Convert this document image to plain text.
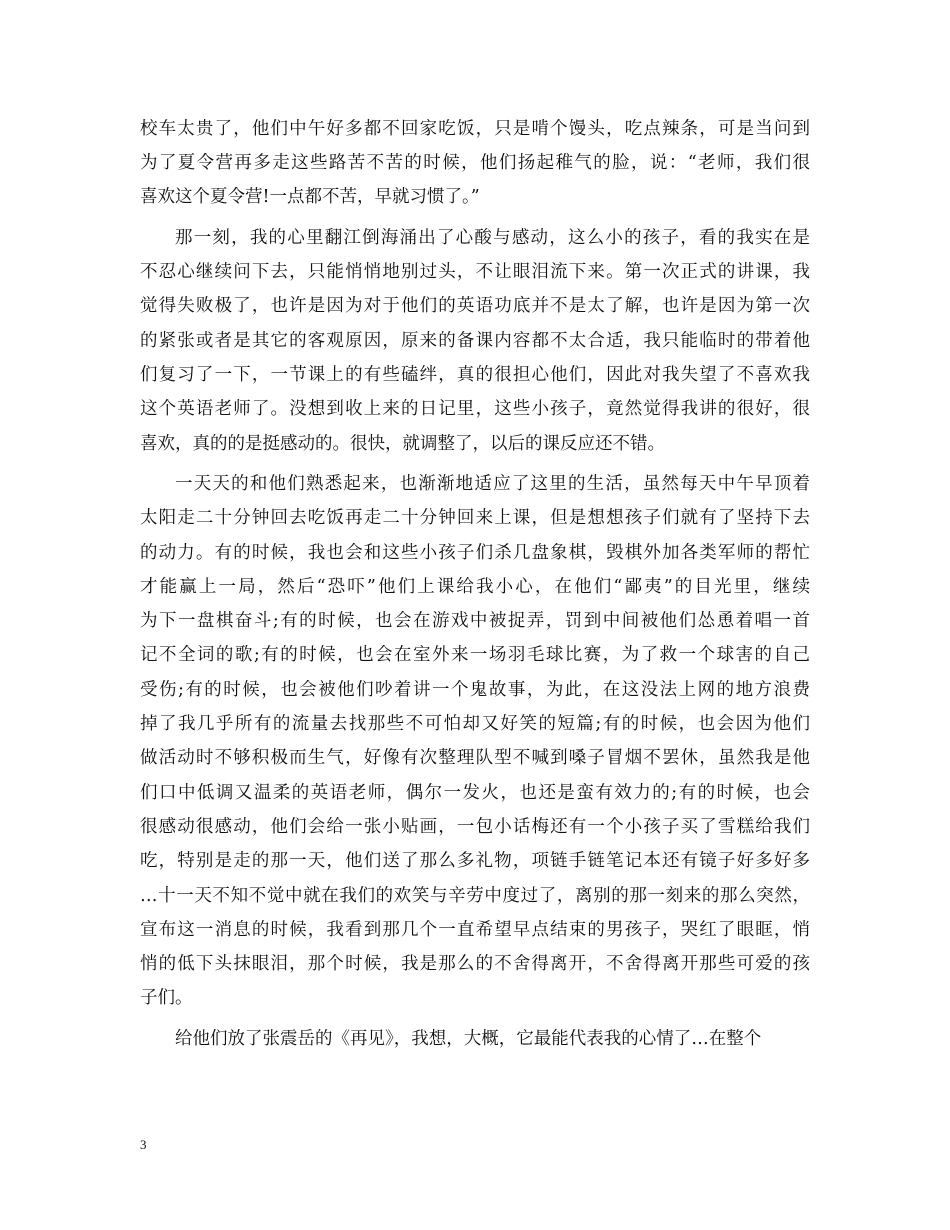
校车太贵了，他们中午好多都不回家吃饭，只是啃个馒头，吃点辣条，可是当问到
为了夏令营再多走这些路苦不苦的时候，他们扬起稚气的脸，说：“老师，我们很
喜欢这个夏令营!一点都不苦，早就习惯了。”
那一刻，我的心里翻江倒海涌出了心酸与感动，这么小的孩子，看的我实在是
不忍心继续问下去，只能悄悄地别过头，不让眼泪流下来。第一次正式的讲课，我
觉得失败极了，也许是因为对于他们的英语功底并不是太了解，也许是因为第一次
的紧张或者是其它的客观原因，原来的备课内容都不太合适，我只能临时的带着他
们复习了一下，一节课上的有些磕绊，真的很担心他们，因此对我失望了不喜欢我
这个英语老师了。没想到收上来的日记里，这些小孩子，竟然觉得我讲的很好，很
喜欢，真的的是挺感动的。很快，就调整了，以后的课反应还不错。
一天天的和他们熟悉起来，也渐渐地适应了这里的生活，虽然每天中午早顶着
太阳走二十分钟回去吃饭再走二十分钟回来上课，但是想想孩子们就有了坚持下去
的动力。有的时候，我也会和这些小孩子们杀几盘象棋，毁棋外加各类军师的帮忙
才能赢上一局，然后“恐吓”他们上课给我小心，在他们“鄙夷”的目光里，继续
为下一盘棋奋斗;有的时候，也会在游戏中被捉弄，罚到中间被他们怂恿着唱一首
记不全词的歌;有的时候，也会在室外来一场羽毛球比赛，为了救一个球害的自己
受伤;有的时候，也会被他们吵着讲一个鬼故事，为此，在这没法上网的地方浪费
掉了我几乎所有的流量去找那些不可怕却又好笑的短篇;有的时候，也会因为他们
做活动时不够积极而生气，好像有次整理队型不喊到嗓子冒烟不罢休，虽然我是他
们口中低调又温柔的英语老师，偶尔一发火，也还是蛮有效力的;有的时候，也会
很感动很感动，他们会给一张小贴画，一包小话梅还有一个小孩子买了雪糕给我们
吃，特别是走的那一天，他们送了那么多礼物，项链手链笔记本还有镜子好多好多
…十一天不知不觉中就在我们的欢笑与辛劳中度过了，离别的那一刻来的那么突然，
宣布这一消息的时候，我看到那几个一直希望早点结束的男孩子，哭红了眼眶，悄
悄的低下头抹眼泪，那个时候，我是那么的不舍得离开，不舍得离开那些可爱的孩
子们。
给他们放了张震岳的《再见》，我想，大概，它最能代表我的心情了…在整个
3
